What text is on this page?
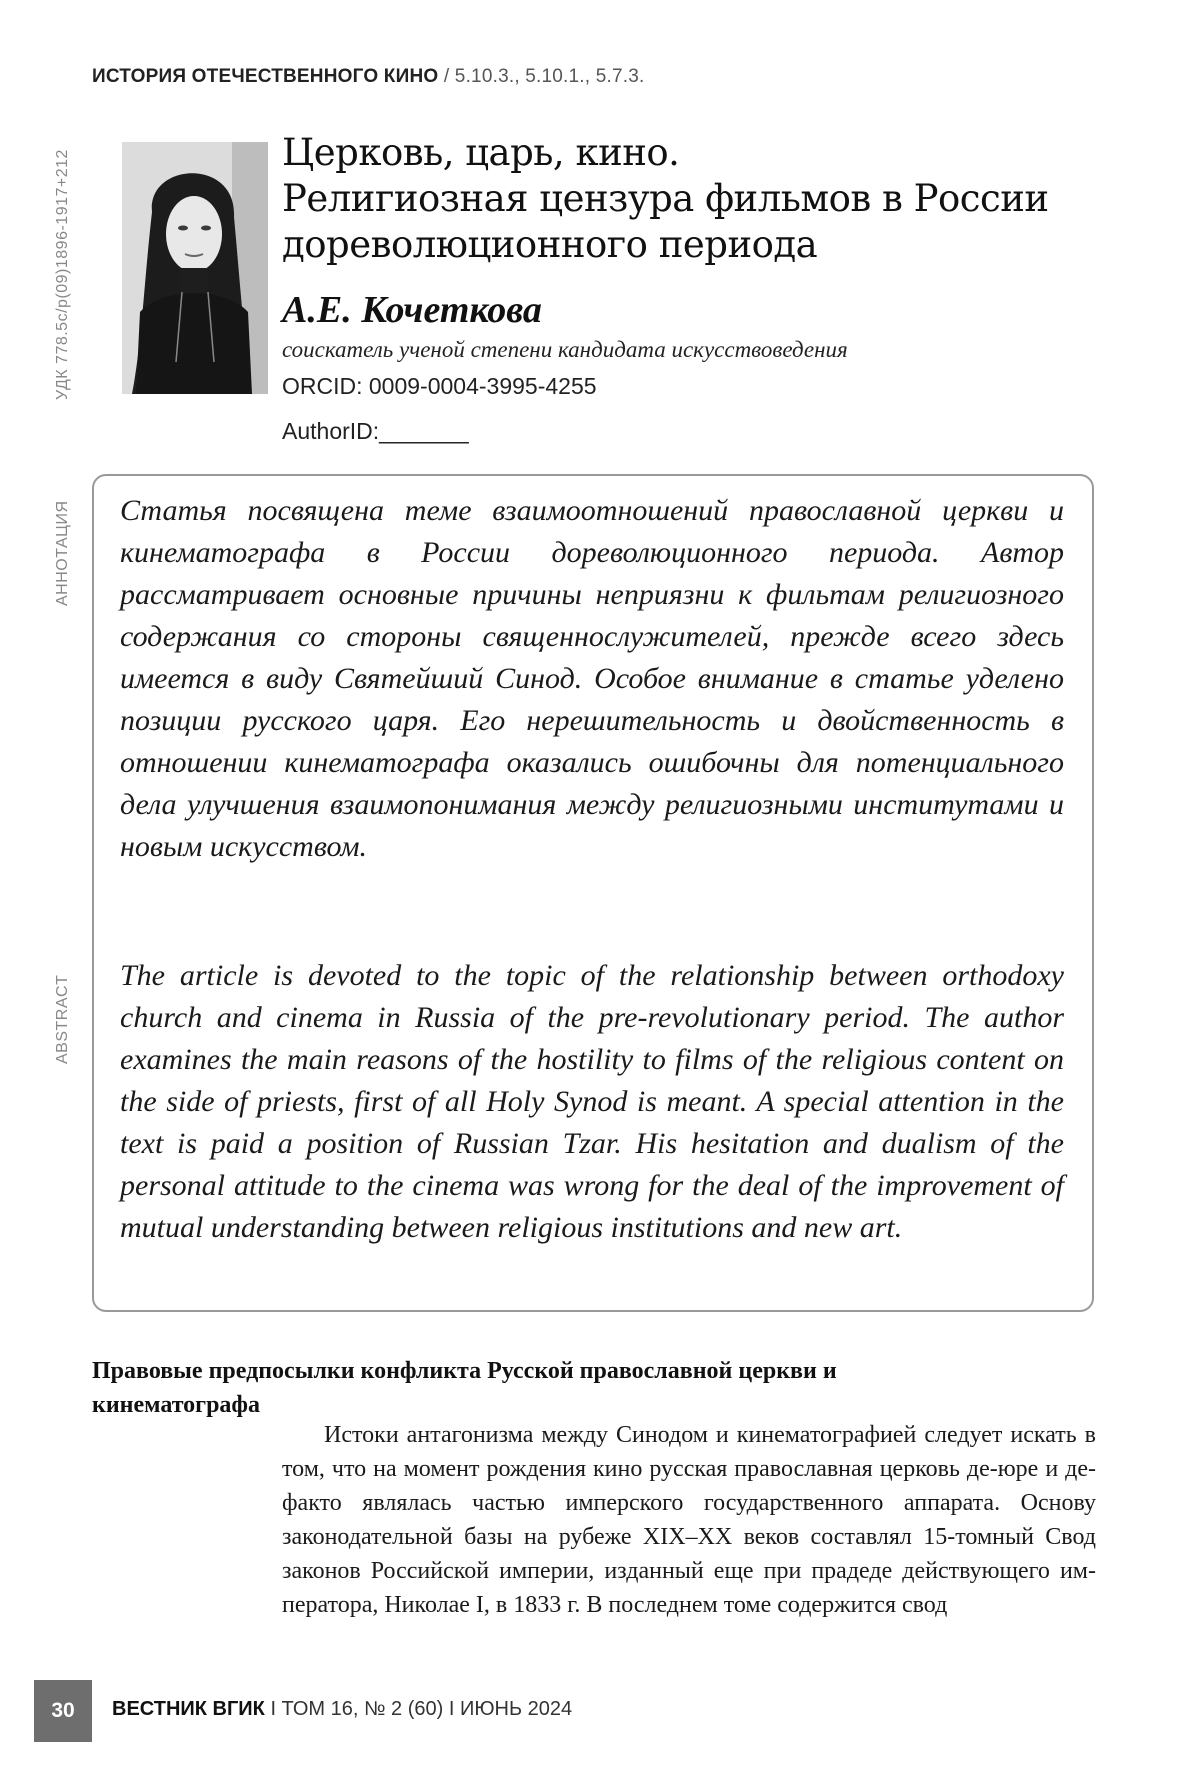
ИСТОРИЯ ОТЕЧЕСТВЕННОГО КИНО / 5.10.3., 5.10.1., 5.7.3.
УДК 778.5с/р(09)1896-1917+212
АННОТАЦИЯ
ABSTRACT
Церковь, царь, кино.
Религиозная цензура фильмов в России
дореволюционного периода
А.Е. Кочеткова
соискатель ученой степени кандидата искусствоведения
ORCID: 0009-0004-3995-4255
AuthorID:_______
Статья посвящена теме взаимоотношений православной церкви и кинематографа в России дореволюционного периода. Автор рассматривает основные причины неприязни к фильmам религиозного содержания со стороны священнослужителей, прежде всего здесь имеется в виду Святейший Синод. Особое внимание в статье уделено позиции русского царя. Его нерешительность и двойственность в отношении кинематографа оказались ошибочны для потенциального дела улучшения взаимопонимания между религиозными институтами и новым искусством.
The article is devoted to the topic of the relationship between orthodoxy church and cinema in Russia of the pre-revolutionary period. The author examines the main reasons of the hostility to films of the religious content on the side of priests, first of all Holy Synod is meant. A special attention in the text is paid a position of Russian Tzar. His hesitation and dualism of the personal attitude to the cinema was wrong for the deal of the improvement of mutual understanding between religious institutions and new art.
Правовые предпосылки конфликта Русской православной церкви и кинематографа
Истоки антагонизма между Синодом и кинематографией следует искать в том, что на момент рождения кино русская православная церковь де-юре и де-факто являлась частью имперского государственного аппарата. Основу законодательной базы на рубеже XIX–XX веков составлял 15-томный Свод законов Российской империи, изданный еще при прадеде действующего императора, Николае I, в 1833 г. В последнем томе содержится свод
30	ВЕСТНИК ВГИК I ТОМ 16, № 2 (60) I ИЮНЬ 2024
